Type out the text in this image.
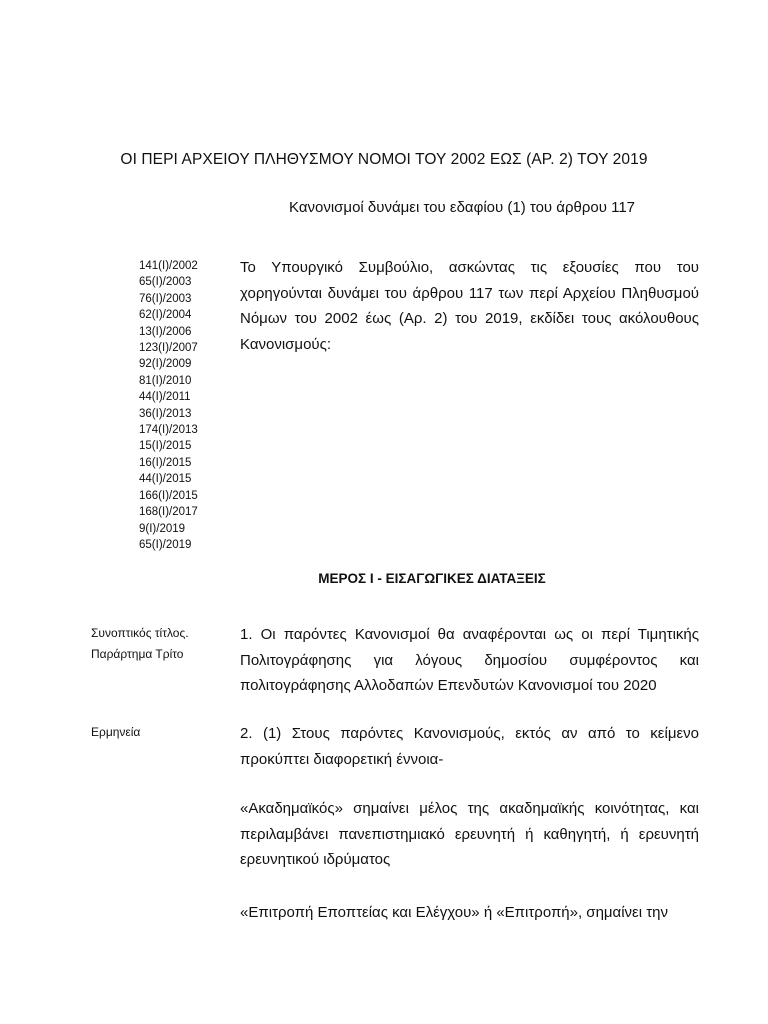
ΟΙ ΠΕΡΙ ΑΡΧΕΙΟΥ ΠΛΗΘΥΣΜΟΥ ΝΟΜΟΙ ΤΟΥ 2002 ΕΩΣ (ΑΡ. 2) ΤΟΥ 2019
Κανονισμοί δυνάμει του εδαφίου (1) του άρθρου 117
141(Ι)/2002
65(Ι)/2003
76(Ι)/2003
62(Ι)/2004
13(Ι)/2006
123(Ι)/2007
92(Ι)/2009
81(Ι)/2010
44(Ι)/2011
36(Ι)/2013
174(Ι)/2013
15(Ι)/2015
16(Ι)/2015
44(Ι)/2015
166(Ι)/2015
168(Ι)/2017
9(Ι)/2019
65(Ι)/2019

Το Υπουργικό Συμβούλιο, ασκώντας τις εξουσίες που του χορηγούνται δυνάμει του άρθρου 117 των περί Αρχείου Πληθυσμού Νόμων του 2002 έως (Αρ. 2) του 2019, εκδίδει τους ακόλουθους Κανονισμούς:

ΜΕΡΟΣ Ι - ΕΙΣΑΓΩΓΙΚΕΣ ΔΙΑΤΑΞΕΙΣ
Συνοπτικός τίτλος.
Παράρτημα Τρίτο

1. Οι παρόντες Κανονισμοί θα αναφέρονται ως οι περί Τιμητικής Πολιτογράφησης για λόγους δημοσίου συμφέροντος και πολιτογράφησης Αλλοδαπών Επενδυτών Κανονισμοί του 2020

Ερμηνεία	2. (1) Στους παρόντες Κανονισμούς, εκτός αν από το κείμενο προκύπτει διαφορετική έννοια-

«Ακαδημαϊκός» σημαίνει μέλος της ακαδημαϊκής κοινότητας, και περιλαμβάνει πανεπιστημιακό ερευνητή ή καθηγητή, ή ερευνητή ερευνητικού ιδρύματος

«Επιτροπή Εποπτείας και Ελέγχου» ή «Επιτροπή», σημαίνει την
